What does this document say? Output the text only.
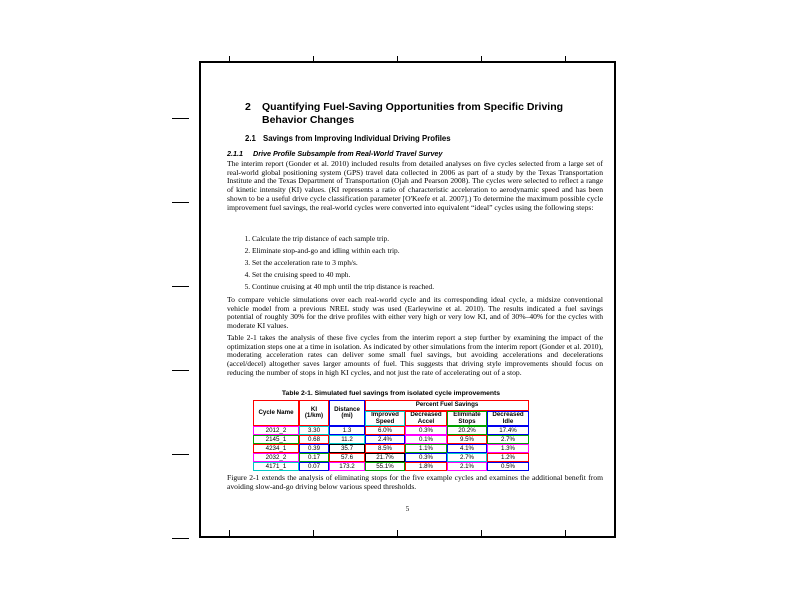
2	Quantifying Fuel-Saving Opportunities from Specific Driving Behavior Changes
2.1 Savings from Improving Individual Driving Profiles
2.1.1	Drive Profile Subsample from Real-World Travel Survey

The interim report (Gonder et al. 2010) included results from detailed analyses on five cycles selected from a large set of real-world global positioning system (GPS) travel data collected in 2006 as part of a study by the Texas Transportation Institute and the Texas Department of Transportation (Ojah and Pearson 2008). The cycles were selected to reflect a range of kinetic intensity (KI) values. (KI represents a ratio of characteristic acceleration to aerodynamic speed and has been shown to be a useful drive cycle classification parameter [O'Keefe et al. 2007].) To determine the maximum possible cycle improvement fuel savings, the real-world cycles were converted into equivalent “ideal” cycles using the following steps:

1. Calculate the trip distance of each sample trip.
2. Eliminate stop-and-go and idling within each trip.
3. Set the acceleration rate to 3 mph/s.
4. Set the cruising speed to 40 mph.
5. Continue cruising at 40 mph until the trip distance is reached.

To compare vehicle simulations over each real-world cycle and its corresponding ideal cycle, a midsize conventional vehicle model from a previous NREL study was used (Earleywine et al. 2010). The results indicated a fuel savings potential of roughly 30% for the drive profiles with either very high or very low KI, and of 30%–40% for the cycles with moderate KI values.

Table 2-1 takes the analysis of these five cycles from the interim report a step further by examining the impact of the optimization steps one at a time in isolation. As indicated by other simulations from the interim report (Gonder et al. 2010), moderating acceleration rates can deliver some small fuel savings, but avoiding accelerations and decelerations (accel/decel) altogether saves larger amounts of fuel. This suggests that driving style improvements should focus on reducing the number of stops in high KI cycles, and not just the rate of accelerating out of a stop.

Table 2-1. Simulated fuel savings from isolated cycle improvements
Cycle Name	KI (1/km)	Distance (mi)	Percent Fuel Savings			
			Improved Speed	Decreased Accel	Eliminate Stops	Decreased Idle
2012_2	3.30	1.3	6.0%	0.3%	20.2%	17.4%
2145_1	0.68	11.2	2.4%	0.1%	9.5%	2.7%
4234_1	0.39	35.7	8.5%	1.1%	4.1%	1.3%
2032_2	0.17	57.6	21.7%	0.3%	2.7%	1.2%
4171_1	0.07	173.2	55.1%	1.8%	2.1%	0.5%

Figure 2-1 extends the analysis of eliminating stops for the five example cycles and examines the additional benefit from avoiding slow-and-go driving below various speed thresholds.

5
